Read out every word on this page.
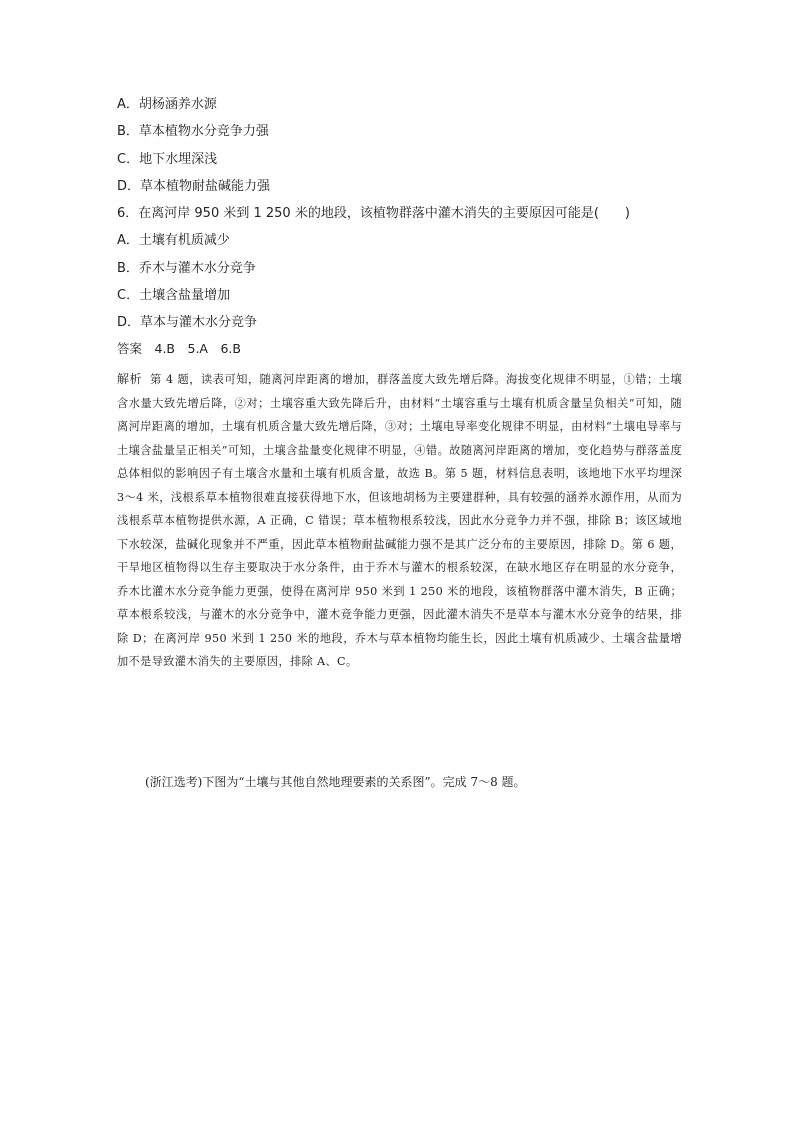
A．胡杨涵养水源
B．草本植物水分竞争力强
C．地下水埋深浅
D．草本植物耐盐碱能力强
6．在离河岸 950 米到 1 250 米的地段，该植物群落中灌木消失的主要原因可能是(　　)
A．土壤有机质减少
B．乔木与灌木水分竞争
C．土壤含盐量增加
D．草本与灌木水分竞争
答案　4.B　5.A　6.B
解析 第 4 题，读表可知，随离河岸距离的增加，群落盖度大致先增后降。海拔变化规律不明显，①错；土壤含水量大致先增后降，②对；土壤容重大致先降后升，由材料“土壤容重与土壤有机质含量呈负相关”可知，随离河岸距离的增加，土壤有机质含量大致先增后降，③对；土壤电导率变化规律不明显，由材料“土壤电导率与土壤含盐量呈正相关”可知，土壤含盐量变化规律不明显，④错。故随离河岸距离的增加，变化趋势与群落盖度总体相似的影响因子有土壤含水量和土壤有机质含量，故选 B。第 5 题，材料信息表明，该地地下水平均埋深 3～4 米，浅根系草本植物很难直接获得地下水，但该地胡杨为主要建群种，具有较强的涵养水源作用，从而为浅根系草本植物提供水源，A 正确，C 错误；草本植物根系较浅，因此水分竞争力并不强，排除 B；该区域地下水较深，盐碱化现象并不严重，因此草本植物耐盐碱能力强不是其广泛分布的主要原因，排除 D。第 6 题，干旱地区植物得以生存主要取决于水分条件，由于乔木与灌木的根系较深，在缺水地区存在明显的水分竞争，乔木比灌木水分竞争能力更强，使得在离河岸 950 米到 1 250 米的地段，该植物群落中灌木消失，B 正确；草本根系较浅，与灌木的水分竞争中，灌木竞争能力更强，因此灌木消失不是草本与灌木水分竞争的结果，排除 D；在离河岸 950 米到 1 250 米的地段，乔木与草本植物均能生长，因此土壤有机质减少、土壤含盐量增加不是导致灌木消失的主要原因，排除 A、C。
(浙江选考)下图为“土壤与其他自然地理要素的关系图”。完成 7～8 题。
